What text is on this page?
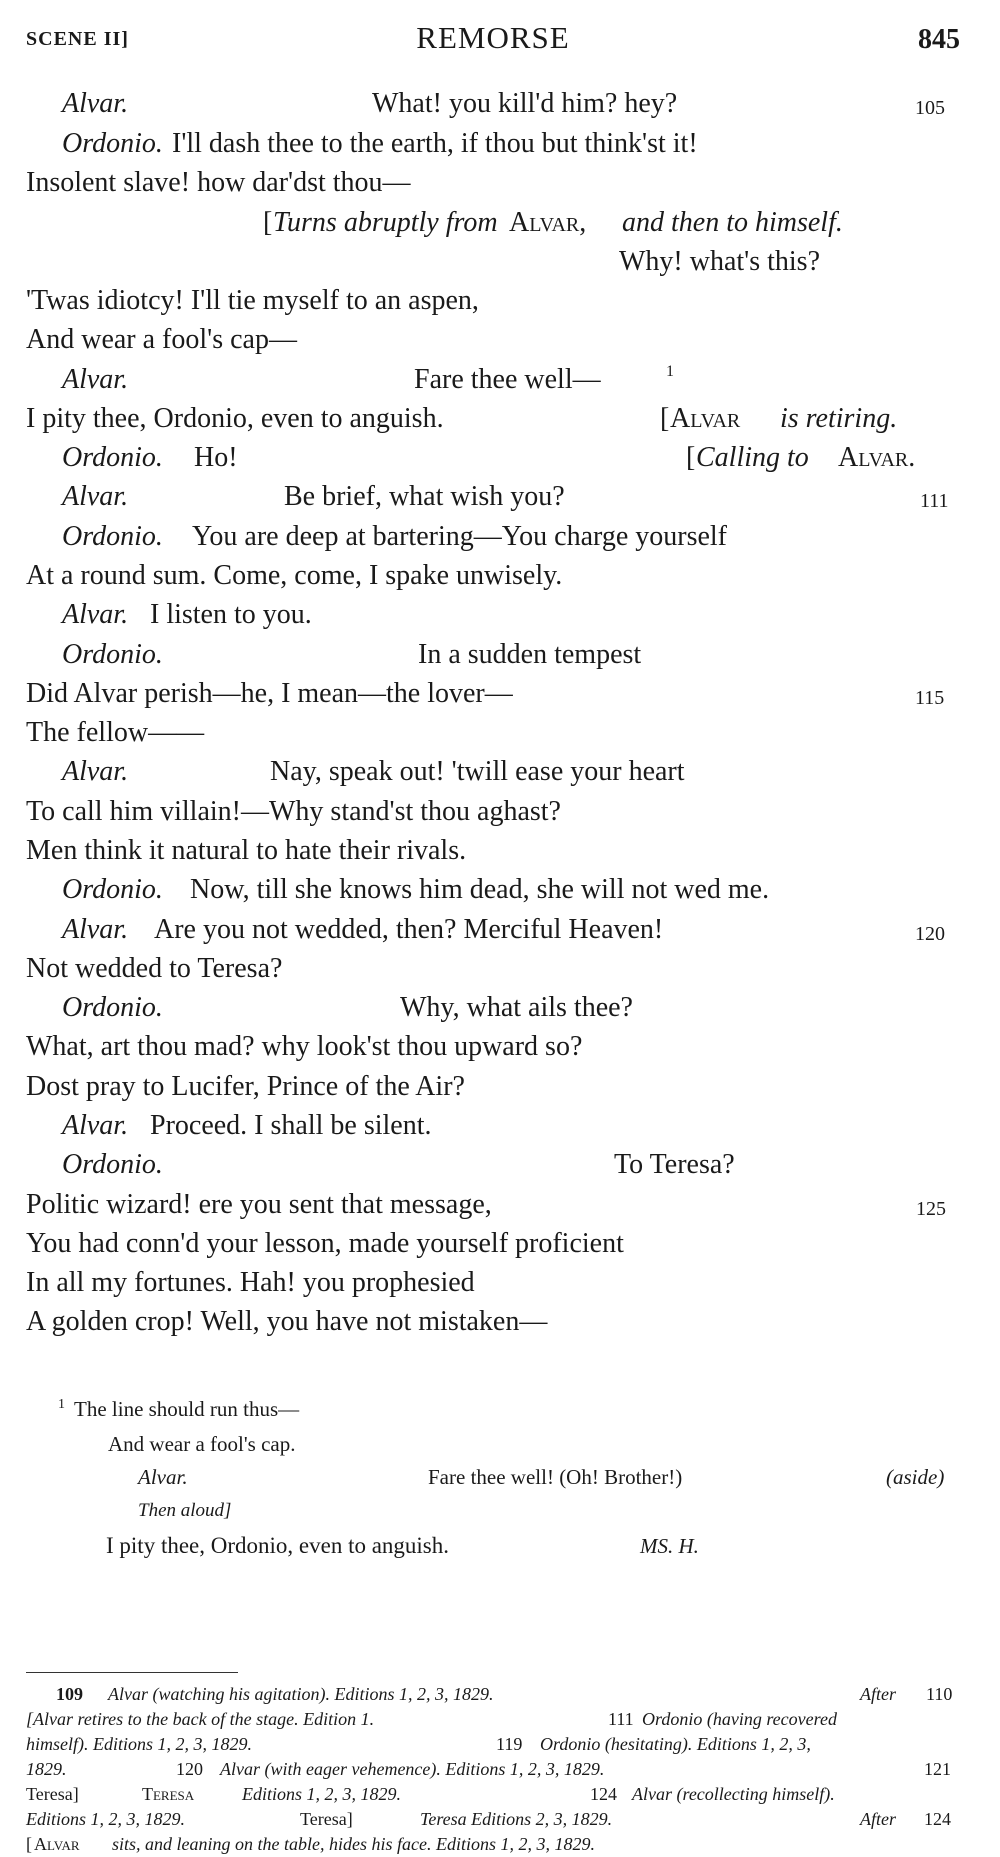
SCENE II]	REMORSE	845
Alvar.	What! you kill'd him? hey?	105
Ordonio. I'll dash thee to the earth, if thou but think'st it!
Insolent slave! how dar'dst thou—
[ Turns abruptly from Alvar, and then to himself.
Why! what's this?
'Twas idiotcy! I'll tie myself to an aspen,
And wear a fool's cap—
Alvar.	Fare thee well—	1
I pity thee, Ordonio, even to anguish.	[ Alvar is retiring.
Ordonio. Ho!	[ Calling to Alvar.
Alvar.	Be brief, what wish you?	111
Ordonio. You are deep at bartering—You charge yourself
At a round sum. Come, come, I spake unwisely.
Alvar. I listen to you.
Ordonio.	In a sudden tempest
Did Alvar perish—he, I mean—the lover—	115
The fellow——
Alvar.	Nay, speak out! 'twill ease your heart
To call him villain!—Why stand'st thou aghast?
Men think it natural to hate their rivals.
Ordonio. Now, till she knows him dead, she will not wed me.
Alvar. Are you not wedded, then? Merciful Heaven!	120
Not wedded to Teresa?
Ordonio.	Why, what ails thee?
What, art thou mad? why look'st thou upward so?
Dost pray to Lucifer, Prince of the Air?
Alvar. Proceed. I shall be silent.
Ordonio.	To Teresa?
Politic wizard! ere you sent that message,	125
You had conn'd your lesson, made yourself proficient
In all my fortunes. Hah! you prophesied
A golden crop! Well, you have not mistaken—
1 The line should run thus—
And wear a fool's cap.
Alvar.	Fare thee well! (Oh! Brother!)	(aside)
Then aloud]
I pity thee, Ordonio, even to anguish.	MS. H.
109 Alvar (watching his agitation). Editions 1, 2, 3, 1829.	After 110
[Alvar retires to the back of the stage. Edition 1.	111 Ordonio (having recovered
himself). Editions 1, 2, 3, 1829.	119 Ordonio (hesitating). Editions 1, 2, 3,
1829.	120 Alvar (with eager vehemence). Editions 1, 2, 3, 1829.	121
Teresa]	Teresa	Editions 1, 2, 3, 1829.	124 Alvar (recollecting himself).
Editions 1, 2, 3, 1829.	Teresa]	Teresa Editions 2, 3, 1829.	After 124
[ Alvar sits, and leaning on the table, hides his face. Editions 1, 2, 3, 1829.
